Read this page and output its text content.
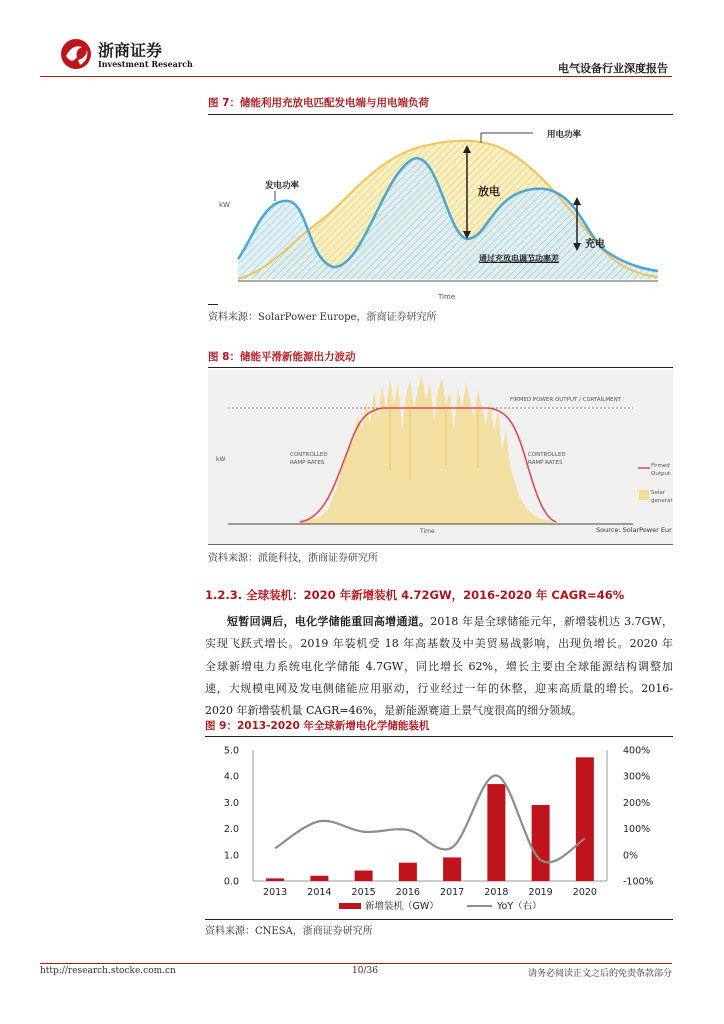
浙商证券
Investment Research	电气设备行业深度报告
图 7：储能利用充放电匹配发电端与用电端负荷
用电功率
发电功率	放电
充电
通过充放电调节功率差
kW
Time
资料来源：SolarPower Europe，浙商证券研究所
图 8：储能平滑新能源出力波动
FIRMED POWER OUTPUT / CURTAILMENT
CONTROLLED
RAMP RATES
CONTROLLED
RAMP RATES
kW
Time
Firmed
Output
Solar
generat
Source: SolarPower Eur
资料来源：派能科技，浙商证券研究所
1.2.3. 全球装机：2020 年新增装机 4.72GW，2016-2020 年 CAGR=46%
短暂回调后，电化学储能重回高增通道。2018 年是全球储能元年，新增装机达 3.7GW，
实现飞跃式增长。2019 年装机受 18 年高基数及中美贸易战影响，出现负增长。2020 年
全球新增电力系统电化学储能 4.7GW，同比增长 62%，增长主要由全球能源结构调整加
速，大规模电网及发电侧储能应用驱动，行业经过一年的休整，迎来高质量的增长。2016-
2020 年新增装机量 CAGR=46%，是新能源赛道上景气度很高的细分领域。
图 9：2013-2020 年全球新增电化学储能装机
0.0
1.0
2.0
3.0
4.0
5.0
-100%
0%
100%
200%
300%
400%
2013 2014 2015 2016 2017 2018 2019 2020
新增装机（GW）	YoY（右）
资料来源：CNESA，浙商证券研究所
http://research.stocke.com.cn	10/36	请务必阅读正文之后的免责条款部分
